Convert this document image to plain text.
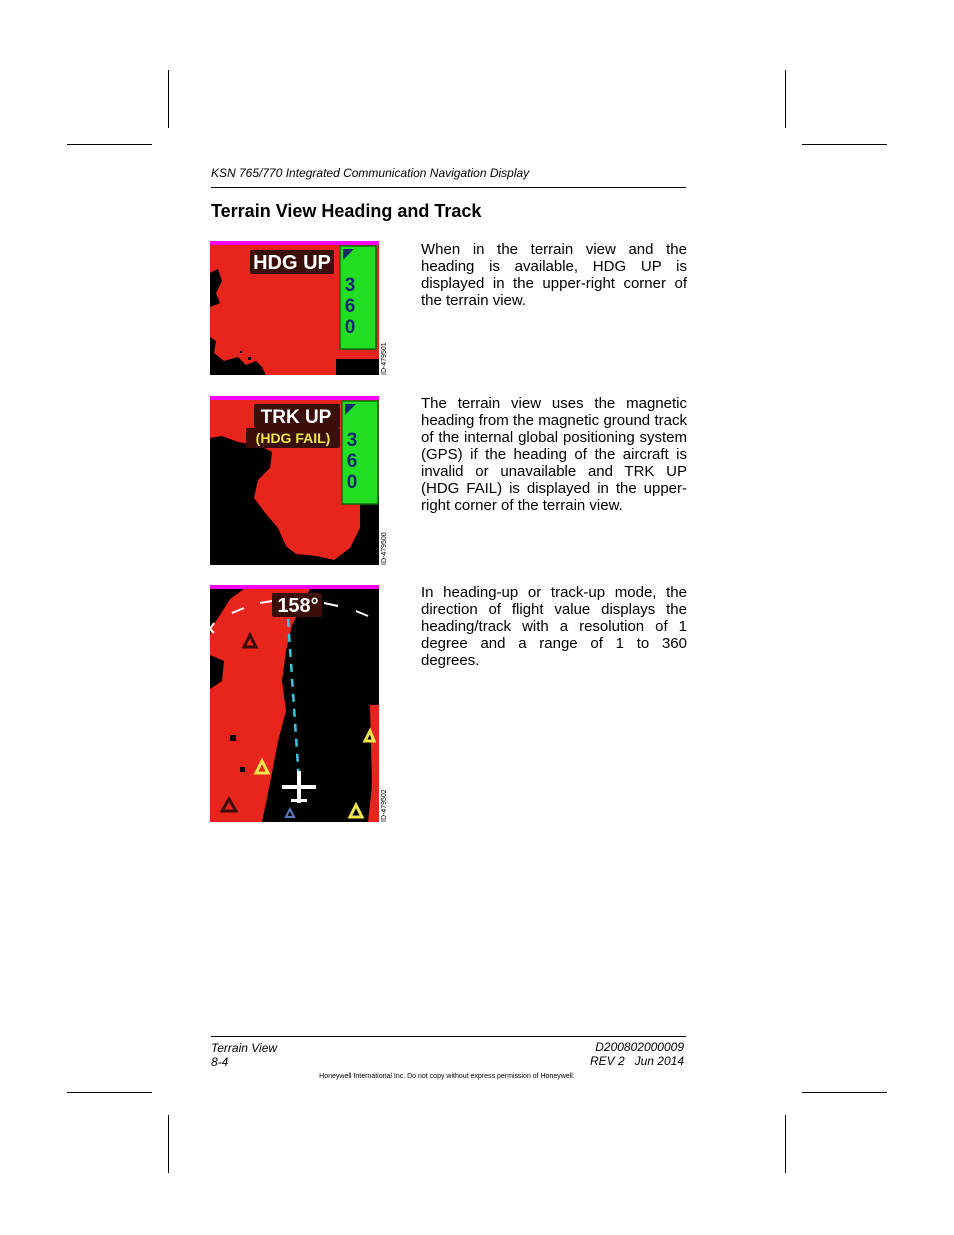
KSN 765/770 Integrated Communication Navigation Display
Terrain View Heading and Track
HDG UP
3
6
0
ID-479501
When in the terrain view and the heading is available, HDG UP is displayed in the upper-right corner of the terrain view.
TRK UP
(HDG FAIL) 3
6
0
ID-479500
The terrain view uses the magnetic heading from the magnetic ground track of the internal global positioning system (GPS) if the heading of the aircraft is invalid or unavailable and TRK UP (HDG FAIL) is displayed in the upper-right corner of the terrain view.
158°
ID-479502
In heading-up or track-up mode, the direction of flight value displays the heading/track with a resolution of 1 degree and a range of 1 to 360 degrees.
Terrain View
8-4
D200802000009
REV 2   Jun 2014
Honeywell International Inc. Do not copy without express permission of Honeywell.
